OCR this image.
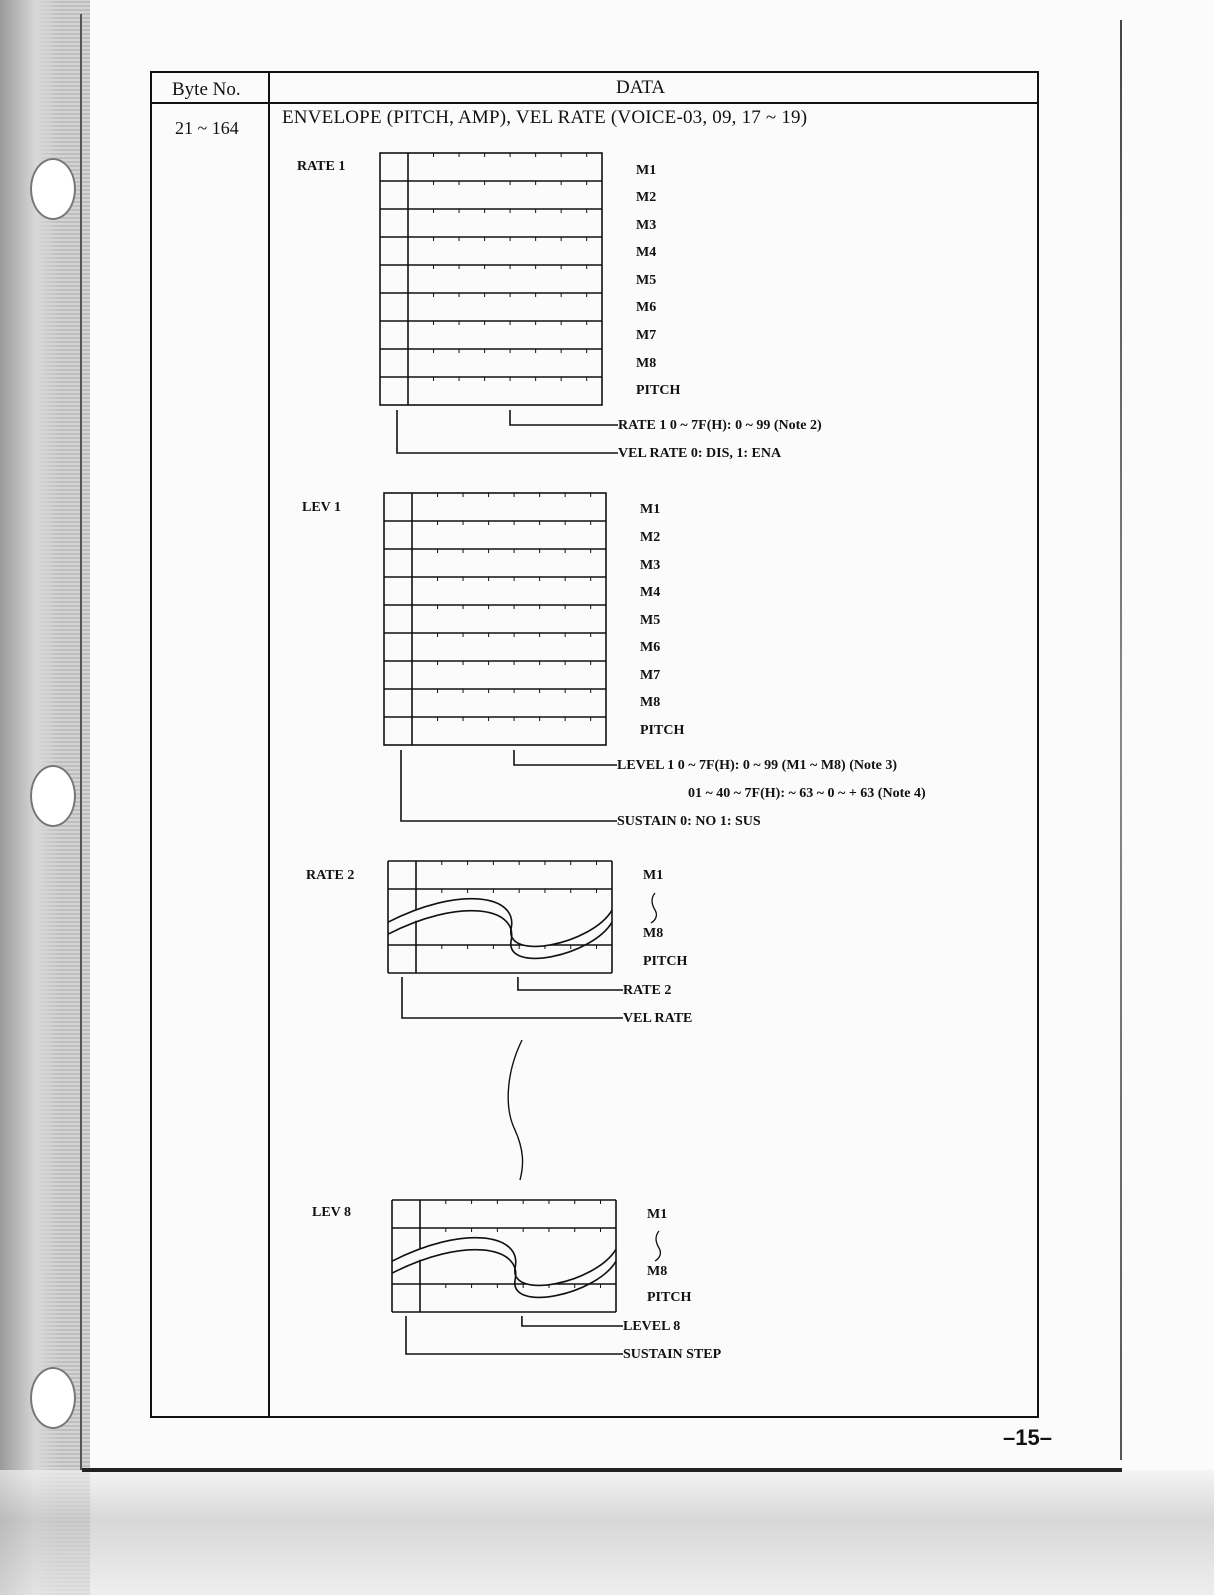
Byte No.	DATA
21 ~ 164 ENVELOPE (PITCH, AMP), VEL RATE (VOICE-03, 09, 17 ~ 19)
RATE 1	M1
M2
M3
M4
M5
M6
M7
M8
PITCH
RATE 1 0 ~ 7F(H): 0 ~ 99 (Note 2)
VEL RATE 0: DIS, 1: ENA
LEV 1	M1
M2
M3
M4
M5
M6
M7
M8
PITCH
LEVEL 1 0 ~ 7F(H): 0 ~ 99 (M1 ~ M8) (Note 3)
01 ~ 40 ~ 7F(H): ~ 63 ~ 0 ~ + 63 (Note 4)
SUSTAIN 0: NO 1: SUS
RATE 2	M1
M8
PITCH
RATE 2
VEL RATE
LEV 8	M1
M8
PITCH
LEVEL 8
SUSTAIN STEP
–15–
